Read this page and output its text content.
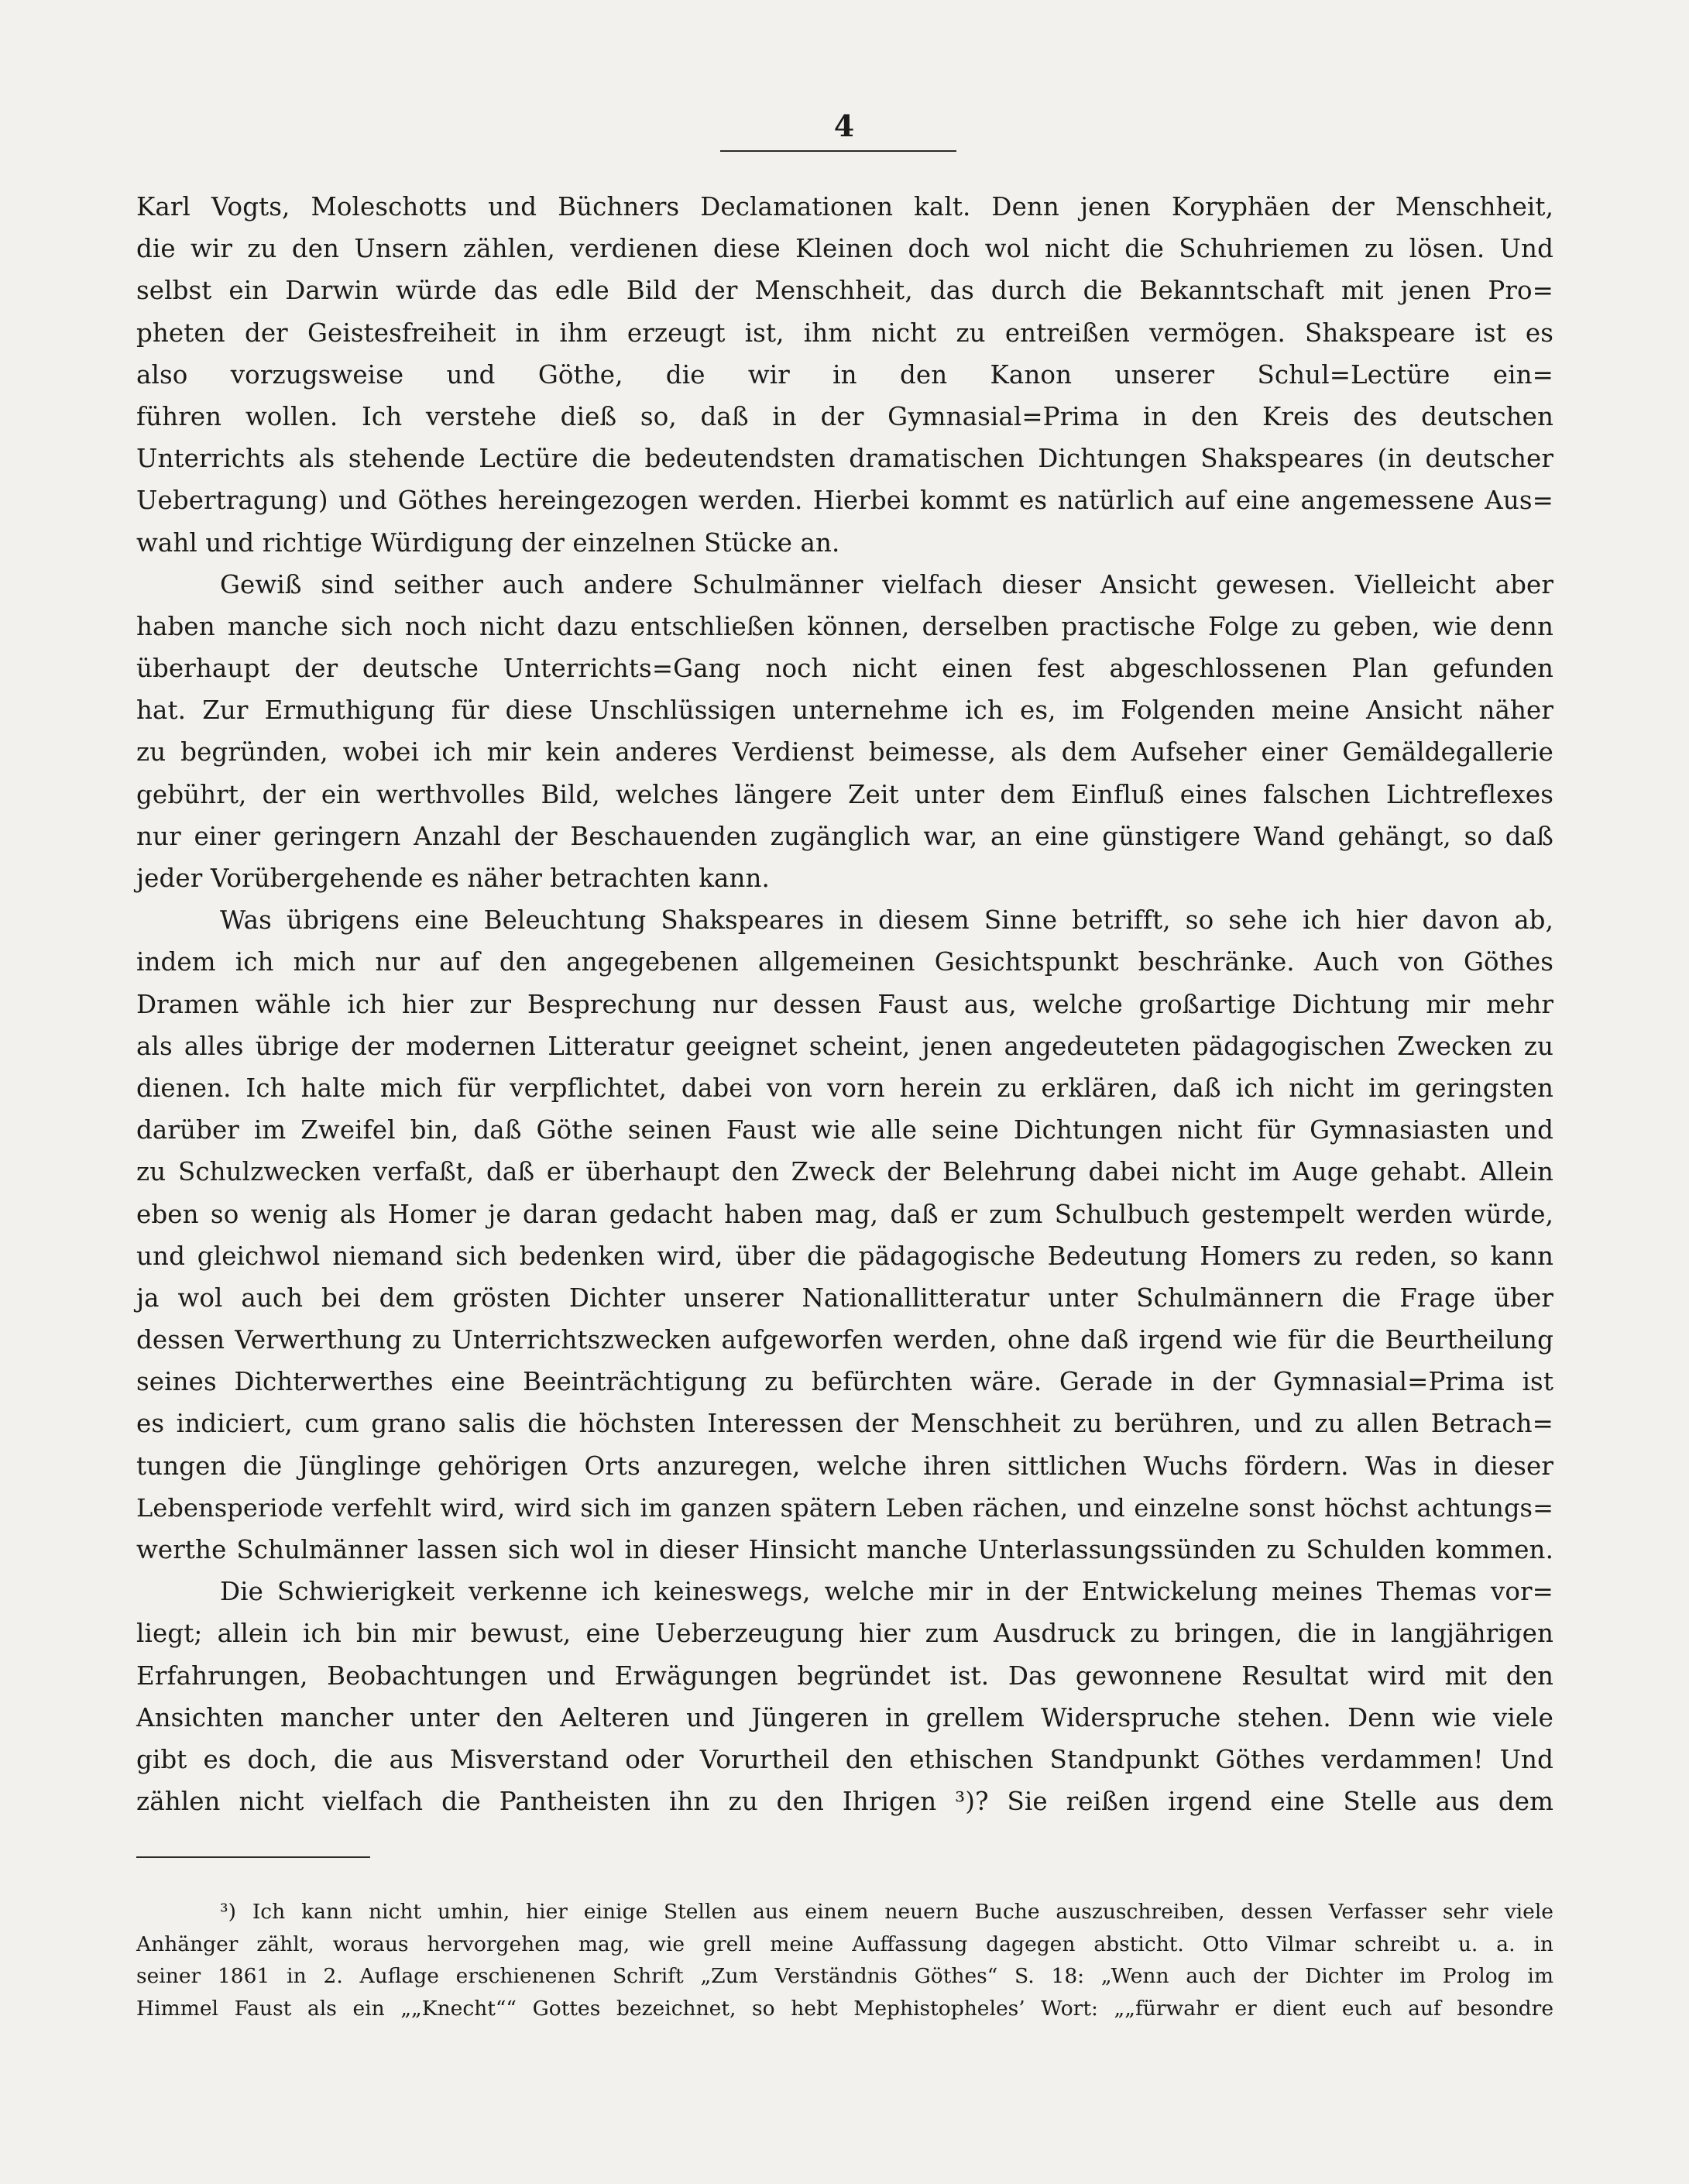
4
Karl Vogts, Moleschotts und Büchners Declamationen kalt. Denn jenen Koryphäen der Menschheit,
die wir zu den Unsern zählen, verdienen diese Kleinen doch wol nicht die Schuhriemen zu lösen. Und
selbst ein Darwin würde das edle Bild der Menschheit, das durch die Bekanntschaft mit jenen Pro=
pheten der Geistesfreiheit in ihm erzeugt ist, ihm nicht zu entreißen vermögen. Shakspeare ist es
also vorzugsweise und Göthe, die wir in den Kanon unserer Schul=Lectüre ein=
führen wollen. Ich verstehe dieß so, daß in der Gymnasial=Prima in den Kreis des deutschen
Unterrichts als stehende Lectüre die bedeutendsten dramatischen Dichtungen Shakspeares (in deutscher
Uebertragung) und Göthes hereingezogen werden. Hierbei kommt es natürlich auf eine angemessene Aus=
wahl und richtige Würdigung der einzelnen Stücke an.
Gewiß sind seither auch andere Schulmänner vielfach dieser Ansicht gewesen. Vielleicht aber
haben manche sich noch nicht dazu entschließen können, derselben practische Folge zu geben, wie denn
überhaupt der deutsche Unterrichts=Gang noch nicht einen fest abgeschlossenen Plan gefunden
hat. Zur Ermuthigung für diese Unschlüssigen unternehme ich es, im Folgenden meine Ansicht näher
zu begründen, wobei ich mir kein anderes Verdienst beimesse, als dem Aufseher einer Gemäldegallerie
gebührt, der ein werthvolles Bild, welches längere Zeit unter dem Einfluß eines falschen Lichtreflexes
nur einer geringern Anzahl der Beschauenden zugänglich war, an eine günstigere Wand gehängt, so daß
jeder Vorübergehende es näher betrachten kann.
Was übrigens eine Beleuchtung Shakspeares in diesem Sinne betrifft, so sehe ich hier davon ab,
indem ich mich nur auf den angegebenen allgemeinen Gesichtspunkt beschränke. Auch von Göthes
Dramen wähle ich hier zur Besprechung nur dessen Faust aus, welche großartige Dichtung mir mehr
als alles übrige der modernen Litteratur geeignet scheint, jenen angedeuteten pädagogischen Zwecken zu
dienen. Ich halte mich für verpflichtet, dabei von vorn herein zu erklären, daß ich nicht im geringsten
darüber im Zweifel bin, daß Göthe seinen Faust wie alle seine Dichtungen nicht für Gymnasiasten und
zu Schulzwecken verfaßt, daß er überhaupt den Zweck der Belehrung dabei nicht im Auge gehabt. Allein
eben so wenig als Homer je daran gedacht haben mag, daß er zum Schulbuch gestempelt werden würde,
und gleichwol niemand sich bedenken wird, über die pädagogische Bedeutung Homers zu reden, so kann
ja wol auch bei dem grösten Dichter unserer Nationallitteratur unter Schulmännern die Frage über
dessen Verwerthung zu Unterrichtszwecken aufgeworfen werden, ohne daß irgend wie für die Beurtheilung
seines Dichterwerthes eine Beeinträchtigung zu befürchten wäre. Gerade in der Gymnasial=Prima ist
es indiciert, cum grano salis die höchsten Interessen der Menschheit zu berühren, und zu allen Betrach=
tungen die Jünglinge gehörigen Orts anzuregen, welche ihren sittlichen Wuchs fördern. Was in dieser
Lebensperiode verfehlt wird, wird sich im ganzen spätern Leben rächen, und einzelne sonst höchst achtungs=
werthe Schulmänner lassen sich wol in dieser Hinsicht manche Unterlassungssünden zu Schulden kommen.
Die Schwierigkeit verkenne ich keineswegs, welche mir in der Entwickelung meines Themas vor=
liegt; allein ich bin mir bewust, eine Ueberzeugung hier zum Ausdruck zu bringen, die in langjährigen
Erfahrungen, Beobachtungen und Erwägungen begründet ist. Das gewonnene Resultat wird mit den
Ansichten mancher unter den Aelteren und Jüngeren in grellem Widerspruche stehen. Denn wie viele
gibt es doch, die aus Misverstand oder Vorurtheil den ethischen Standpunkt Göthes verdammen! Und
zählen nicht vielfach die Pantheisten ihn zu den Ihrigen ³)? Sie reißen irgend eine Stelle aus dem
³) Ich kann nicht umhin, hier einige Stellen aus einem neuern Buche auszuschreiben, dessen Verfasser sehr viele
Anhänger zählt, woraus hervorgehen mag, wie grell meine Auffassung dagegen absticht. Otto Vilmar schreibt u. a. in
seiner 1861 in 2. Auflage erschienenen Schrift „Zum Verständnis Göthes“ S. 18: „Wenn auch der Dichter im Prolog im
Himmel Faust als ein „„Knecht““ Gottes bezeichnet, so hebt Mephistopheles’ Wort: „„fürwahr er dient euch auf besondre
